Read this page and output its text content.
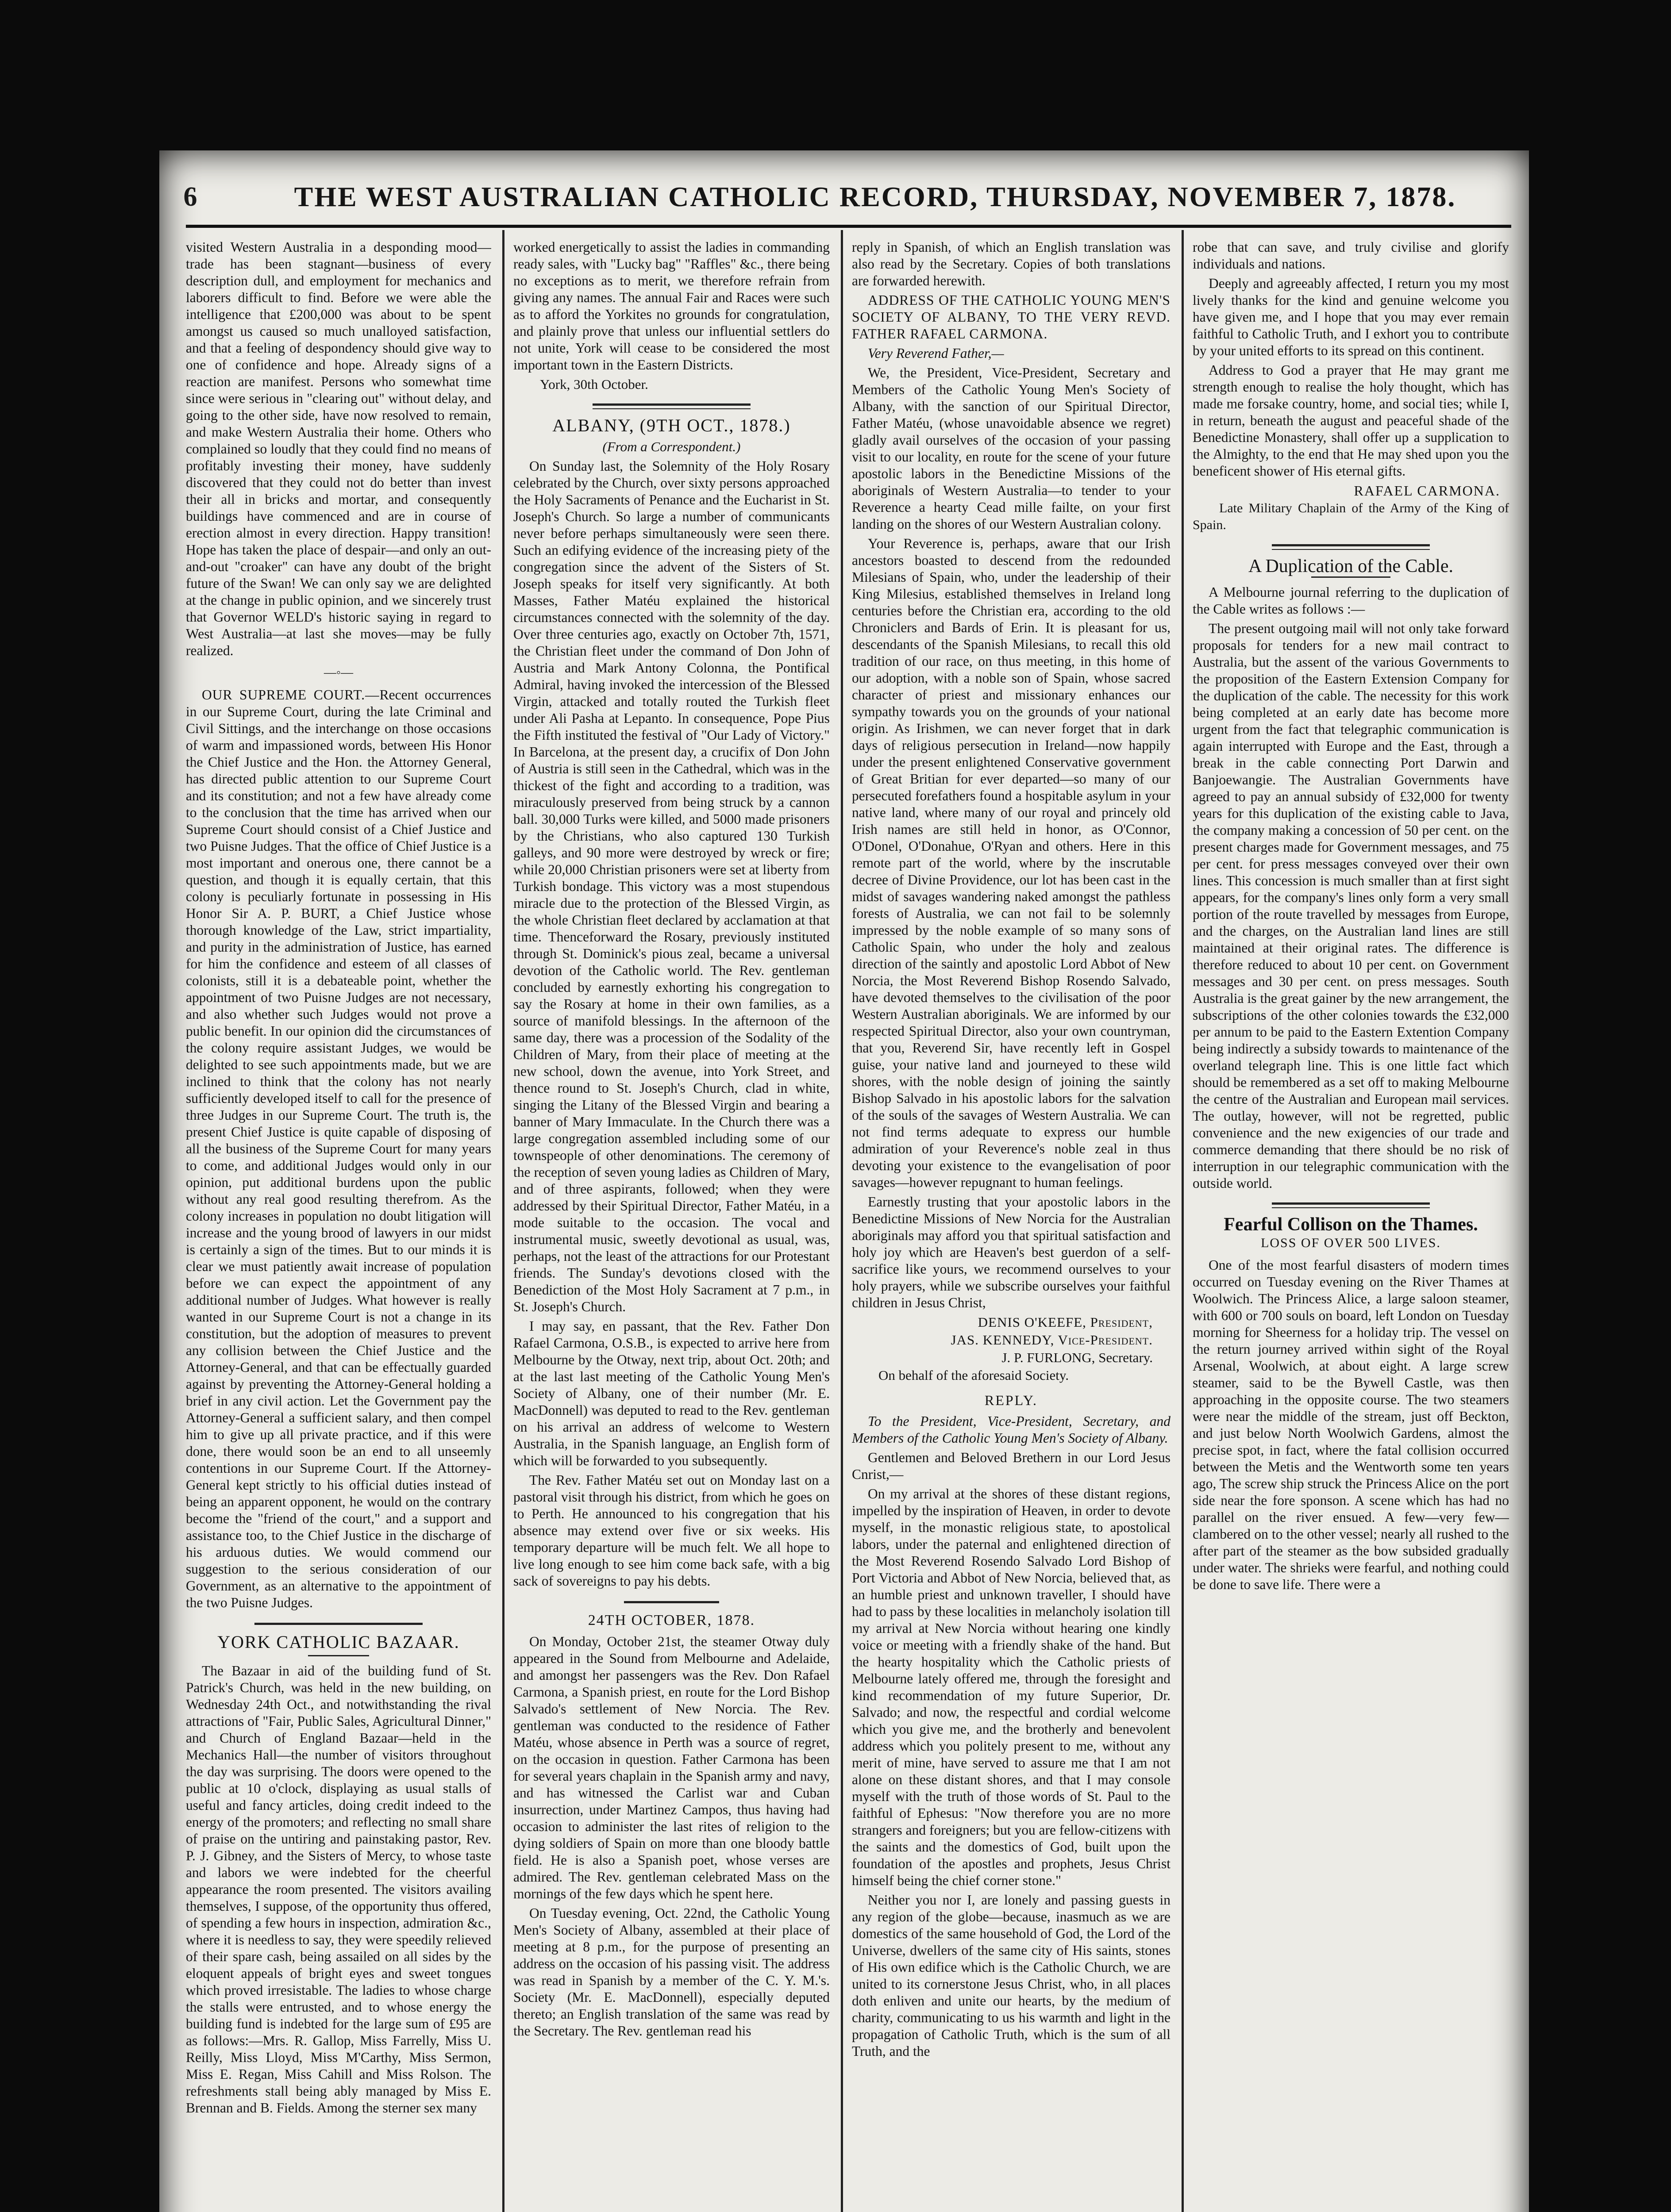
6	THE WEST AUSTRALIAN CATHOLIC RECORD, THURSDAY, NOVEMBER 7, 1878.

visited Western Australia in a desponding mood—trade has been stagnant—business of every description dull, and employment for mechanics and laborers difficult to find. Before we were able the intelligence that £200,000 was about to be spent amongst us caused so much unalloyed satisfaction, and that a feeling of despondency should give way to one of confidence and hope. Already signs of a reaction are manifest. Persons who somewhat time since were serious in "clearing out" without delay, and going to the other side, have now resolved to remain, and make Western Australia their home. Others who complained so loudly that they could find no means of profitably investing their money, have suddenly discovered that they could not do better than invest their all in bricks and mortar, and consequently buildings have commenced and are in course of erection almost in every direction. Happy transition! Hope has taken the place of despair—and only an out-and-out "croaker" can have any doubt of the bright future of the Swan! We can only say we are delighted at the change in public opinion, and we sincerely trust that Governor WELD's historic saying in regard to West Australia—at last she moves—may be fully realized.

—◦—

OUR SUPREME COURT.—Recent occurrences in our Supreme Court, during the late Criminal and Civil Sittings, and the interchange on those occasions of warm and impassioned words, between His Honor the Chief Justice and the Hon. the Attorney General, has directed public attention to our Supreme Court and its constitution; and not a few have already come to the conclusion that the time has arrived when our Supreme Court should consist of a Chief Justice and two Puisne Judges. That the office of Chief Justice is a most important and onerous one, there cannot be a question, and though it is equally certain, that this colony is peculiarly fortunate in possessing in His Honor Sir A. P. BURT, a Chief Justice whose thorough knowledge of the Law, strict impartiality, and purity in the administration of Justice, has earned for him the confidence and esteem of all classes of colonists, still it is a debateable point, whether the appointment of two Puisne Judges are not necessary, and also whether such Judges would not prove a public benefit. In our opinion did the circumstances of the colony require assistant Judges, we would be delighted to see such appointments made, but we are inclined to think that the colony has not nearly sufficiently developed itself to call for the presence of three Judges in our Supreme Court. The truth is, the present Chief Justice is quite capable of disposing of all the business of the Supreme Court for many years to come, and additional Judges would only in our opinion, put additional burdens upon the public without any real good resulting therefrom. As the colony increases in population no doubt litigation will increase and the young brood of lawyers in our midst is certainly a sign of the times. But to our minds it is clear we must patiently await increase of population before we can expect the appointment of any additional number of Judges. What however is really wanted in our Supreme Court is not a change in its constitution, but the adoption of measures to prevent any collision between the Chief Justice and the Attorney-General, and that can be effectually guarded against by preventing the Attorney-General holding a brief in any civil action. Let the Government pay the Attorney-General a sufficient salary, and then compel him to give up all private practice, and if this were done, there would soon be an end to all unseemly contentions in our Supreme Court. If the Attorney-General kept strictly to his official duties instead of being an apparent opponent, he would on the contrary become the "friend of the court," and a support and assistance too, to the Chief Justice in the discharge of his arduous duties. We would commend our suggestion to the serious consideration of our Government, as an alternative to the appointment of the two Puisne Judges.

YORK CATHOLIC BAZAAR.

The Bazaar in aid of the building fund of St. Patrick's Church, was held in the new building, on Wednesday 24th Oct., and notwithstanding the rival attractions of "Fair, Public Sales, Agricultural Dinner," and Church of England Bazaar—held in the Mechanics Hall—the number of visitors throughout the day was surprising. The doors were opened to the public at 10 o'clock, displaying as usual stalls of useful and fancy articles, doing credit indeed to the energy of the promoters; and reflecting no small share of praise on the untiring and painstaking pastor, Rev. P. J. Gibney, and the Sisters of Mercy, to whose taste and labors we were indebted for the cheerful appearance the room presented. The visitors availing themselves, I suppose, of the opportunity thus offered, of spending a few hours in inspection, admiration &c., where it is needless to say, they were speedily relieved of their spare cash, being assailed on all sides by the eloquent appeals of bright eyes and sweet tongues which proved irresistable. The ladies to whose charge the stalls were entrusted, and to whose energy the building fund is indebted for the large sum of £95 are as follows:—Mrs. R. Gallop, Miss Farrelly, Miss U. Reilly, Miss Lloyd, Miss M'Carthy, Miss Sermon, Miss E. Regan, Miss Cahill and Miss Rolson. The refreshments stall being ably managed by Miss E. Brennan and B. Fields. Among the sterner sex many

worked energetically to assist the ladies in commanding ready sales, with "Lucky bag" "Raffles" &c., there being no exceptions as to merit, we therefore refrain from giving any names. The annual Fair and Races were such as to afford the Yorkites no grounds for congratulation, and plainly prove that unless our influential settlers do not unite, York will cease to be considered the most important town in the Eastern Districts.

York, 30th October.
ALBANY, (9TH OCT., 1878.)
(From a Correspondent.)

On Sunday last, the Solemnity of the Holy Rosary celebrated by the Church, over sixty persons approached the Holy Sacraments of Penance and the Eucharist in St. Joseph's Church. So large a number of communicants never before perhaps simultaneously were seen there. Such an edifying evidence of the increasing piety of the congregation since the advent of the Sisters of St. Joseph speaks for itself very significantly. At both Masses, Father Matéu explained the historical circumstances connected with the solemnity of the day. Over three centuries ago, exactly on October 7th, 1571, the Christian fleet under the command of Don John of Austria and Mark Antony Colonna, the Pontifical Admiral, having invoked the intercession of the Blessed Virgin, attacked and totally routed the Turkish fleet under Ali Pasha at Lepanto. In consequence, Pope Pius the Fifth instituted the festival of "Our Lady of Victory." In Barcelona, at the present day, a crucifix of Don John of Austria is still seen in the Cathedral, which was in the thickest of the fight and according to a tradition, was miraculously preserved from being struck by a cannon ball. 30,000 Turks were killed, and 5000 made prisoners by the Christians, who also captured 130 Turkish galleys, and 90 more were destroyed by wreck or fire; while 20,000 Christian prisoners were set at liberty from Turkish bondage. This victory was a most stupendous miracle due to the protection of the Blessed Virgin, as the whole Christian fleet declared by acclamation at that time. Thenceforward the Rosary, previously instituted through St. Dominick's pious zeal, became a universal devotion of the Catholic world. The Rev. gentleman concluded by earnestly exhorting his congregation to say the Rosary at home in their own families, as a source of manifold blessings. In the afternoon of the same day, there was a procession of the Sodality of the Children of Mary, from their place of meeting at the new school, down the avenue, into York Street, and thence round to St. Joseph's Church, clad in white, singing the Litany of the Blessed Virgin and bearing a banner of Mary Immaculate. In the Church there was a large congregation assembled including some of our townspeople of other denominations. The ceremony of the reception of seven young ladies as Children of Mary, and of three aspirants, followed; when they were addressed by their Spiritual Director, Father Matéu, in a mode suitable to the occasion. The vocal and instrumental music, sweetly devotional as usual, was, perhaps, not the least of the attractions for our Protestant friends. The Sunday's devotions closed with the Benediction of the Most Holy Sacrament at 7 p.m., in St. Joseph's Church.

I may say, en passant, that the Rev. Father Don Rafael Carmona, O.S.B., is expected to arrive here from Melbourne by the Otway, next trip, about Oct. 20th; and at the last last meeting of the Catholic Young Men's Society of Albany, one of their number (Mr. E. MacDonnell) was deputed to read to the Rev. gentleman on his arrival an address of welcome to Western Australia, in the Spanish language, an English form of which will be forwarded to you subsequently.

The Rev. Father Matéu set out on Monday last on a pastoral visit through his district, from which he goes on to Perth. He announced to his congregation that his absence may extend over five or six weeks. His temporary departure will be much felt. We all hope to live long enough to see him come back safe, with a big sack of sovereigns to pay his debts.

24TH OCTOBER, 1878.

On Monday, October 21st, the steamer Otway duly appeared in the Sound from Melbourne and Adelaide, and amongst her passengers was the Rev. Don Rafael Carmona, a Spanish priest, en route for the Lord Bishop Salvado's settlement of New Norcia. The Rev. gentleman was conducted to the residence of Father Matéu, whose absence in Perth was a source of regret, on the occasion in question. Father Carmona has been for several years chaplain in the Spanish army and navy, and has witnessed the Carlist war and Cuban insurrection, under Martinez Campos, thus having had occasion to administer the last rites of religion to the dying soldiers of Spain on more than one bloody battle field. He is also a Spanish poet, whose verses are admired. The Rev. gentleman celebrated Mass on the mornings of the few days which he spent here.

On Tuesday evening, Oct. 22nd, the Catholic Young Men's Society of Albany, assembled at their place of meeting at 8 p.m., for the purpose of presenting an address on the occasion of his passing visit. The address was read in Spanish by a member of the C. Y. M.'s. Society (Mr. E. MacDonnell), especially deputed thereto; an English translation of the same was read by the Secretary. The Rev. gentleman read his

reply in Spanish, of which an English translation was also read by the Secretary. Copies of both translations are forwarded herewith.

ADDRESS OF THE CATHOLIC YOUNG MEN'S SOCIETY OF ALBANY, TO THE VERY REVD. FATHER RAFAEL CARMONA.

Very Reverend Father,—

We, the President, Vice-President, Secretary and Members of the Catholic Young Men's Society of Albany, with the sanction of our Spiritual Director, Father Matéu, (whose unavoidable absence we regret) gladly avail ourselves of the occasion of your passing visit to our locality, en route for the scene of your future apostolic labors in the Benedictine Missions of the aboriginals of Western Australia—to tender to your Reverence a hearty Cead mille failte, on your first landing on the shores of our Western Australian colony.

Your Reverence is, perhaps, aware that our Irish ancestors boasted to descend from the redounded Milesians of Spain, who, under the leadership of their King Milesius, established themselves in Ireland long centuries before the Christian era, according to the old Chroniclers and Bards of Erin. It is pleasant for us, descendants of the Spanish Milesians, to recall this old tradition of our race, on thus meeting, in this home of our adoption, with a noble son of Spain, whose sacred character of priest and missionary enhances our sympathy towards you on the grounds of your national origin. As Irishmen, we can never forget that in dark days of religious persecution in Ireland—now happily under the present enlightened Conservative government of Great Britian for ever departed—so many of our persecuted forefathers found a hospitable asylum in your native land, where many of our royal and princely old Irish names are still held in honor, as O'Connor, O'Donel, O'Donahue, O'Ryan and others. Here in this remote part of the world, where by the inscrutable decree of Divine Providence, our lot has been cast in the midst of savages wandering naked amongst the pathless forests of Australia, we can not fail to be solemnly impressed by the noble example of so many sons of Catholic Spain, who under the holy and zealous direction of the saintly and apostolic Lord Abbot of New Norcia, the Most Reverend Bishop Rosendo Salvado, have devoted themselves to the civilisation of the poor Western Australian aboriginals. We are informed by our respected Spiritual Director, also your own countryman, that you, Reverend Sir, have recently left in Gospel guise, your native land and journeyed to these wild shores, with the noble design of joining the saintly Bishop Salvado in his apostolic labors for the salvation of the souls of the savages of Western Australia. We can not find terms adequate to express our humble admiration of your Reverence's noble zeal in thus devoting your existence to the evangelisation of poor savages—however repugnant to human feelings.

Earnestly trusting that your apostolic labors in the Benedictine Missions of New Norcia for the Australian aboriginals may afford you that spiritual satisfaction and holy joy which are Heaven's best guerdon of a self-sacrifice like yours, we recommend ourselves to your holy prayers, while we subscribe ourselves your faithful children in Jesus Christ,

DENIS O'KEEFE, President,
JAS. KENNEDY, Vice-President.
J. P. FURLONG, Secretary.
On behalf of the aforesaid Society.
REPLY.

To the President, Vice-President, Secretary, and Members of the Catholic Young Men's Society of Albany.

Gentlemen and Beloved Brethern in our Lord Jesus Cnrist,—

On my arrival at the shores of these distant regions, impelled by the inspiration of Heaven, in order to devote myself, in the monastic religious state, to apostolical labors, under the paternal and enlightened direction of the Most Reverend Rosendo Salvado Lord Bishop of Port Victoria and Abbot of New Norcia, believed that, as an humble priest and unknown traveller, I should have had to pass by these localities in melancholy isolation till my arrival at New Norcia without hearing one kindly voice or meeting with a friendly shake of the hand. But the hearty hospitality which the Catholic priests of Melbourne lately offered me, through the foresight and kind recommendation of my future Superior, Dr. Salvado; and now, the respectful and cordial welcome which you give me, and the brotherly and benevolent address which you politely present to me, without any merit of mine, have served to assure me that I am not alone on these distant shores, and that I may console myself with the truth of those words of St. Paul to the faithful of Ephesus: "Now therefore you are no more strangers and foreigners; but you are fellow-citizens with the saints and the domestics of God, built upon the foundation of the apostles and prophets, Jesus Christ himself being the chief corner stone."

Neither you nor I, are lonely and passing guests in any region of the globe—because, inasmuch as we are domestics of the same household of God, the Lord of the Universe, dwellers of the same city of His saints, stones of His own edifice which is the Catholic Church, we are united to its cornerstone Jesus Christ, who, in all places doth enliven and unite our hearts, by the medium of charity, communicating to us his warmth and light in the propagation of Catholic Truth, which is the sum of all Truth, and the

robe that can save, and truly civilise and glorify individuals and nations.

Deeply and agreeably affected, I return you my most lively thanks for the kind and genuine welcome you have given me, and I hope that you may ever remain faithful to Catholic Truth, and I exhort you to contribute by your united efforts to its spread on this continent.

Address to God a prayer that He may grant me strength enough to realise the holy thought, which has made me forsake country, home, and social ties; while I, in return, beneath the august and peaceful shade of the Benedictine Monastery, shall offer up a supplication to the Almighty, to the end that He may shed upon you the beneficent shower of His eternal gifts.

RAFAEL CARMONA.

Late Military Chaplain of the Army of the King of Spain.

A Duplication of the Cable.

A Melbourne journal referring to the duplication of the Cable writes as follows :—

The present outgoing mail will not only take forward proposals for tenders for a new mail contract to Australia, but the assent of the various Governments to the proposition of the Eastern Extension Company for the duplication of the cable. The necessity for this work being completed at an early date has become more urgent from the fact that telegraphic communication is again interrupted with Europe and the East, through a break in the cable connecting Port Darwin and Banjoewangie. The Australian Governments have agreed to pay an annual subsidy of £32,000 for twenty years for this duplication of the existing cable to Java, the company making a concession of 50 per cent. on the present charges made for Government messages, and 75 per cent. for press messages conveyed over their own lines. This concession is much smaller than at first sight appears, for the company's lines only form a very small portion of the route travelled by messages from Europe, and the charges, on the Australian land lines are still maintained at their original rates. The difference is therefore reduced to about 10 per cent. on Government messages and 30 per cent. on press messages. South Australia is the great gainer by the new arrangement, the subscriptions of the other colonies towards the £32,000 per annum to be paid to the Eastern Extention Company being indirectly a subsidy towards to maintenance of the overland telegraph line. This is one little fact which should be remembered as a set off to making Melbourne the centre of the Australian and European mail services. The outlay, however, will not be regretted, public convenience and the new exigencies of our trade and commerce demanding that there should be no risk of interruption in our telegraphic communication with the outside world.

Fearful Collison on the Thames.
LOSS OF OVER 500 LIVES.

One of the most fearful disasters of modern times occurred on Tuesday evening on the River Thames at Woolwich. The Princess Alice, a large saloon steamer, with 600 or 700 souls on board, left London on Tuesday morning for Sheerness for a holiday trip. The vessel on the return journey arrived within sight of the Royal Arsenal, Woolwich, at about eight. A large screw steamer, said to be the Bywell Castle, was then approaching in the opposite course. The two steamers were near the middle of the stream, just off Beckton, and just below North Woolwich Gardens, almost the precise spot, in fact, where the fatal collision occurred between the Metis and the Wentworth some ten years ago, The screw ship struck the Princess Alice on the port side near the fore sponson. A scene which has had no parallel on the river ensued. A few—very few—clambered on to the other vessel; nearly all rushed to the after part of the steamer as the bow subsided gradually under water. The shrieks were fearful, and nothing could be done to save life. There were a
